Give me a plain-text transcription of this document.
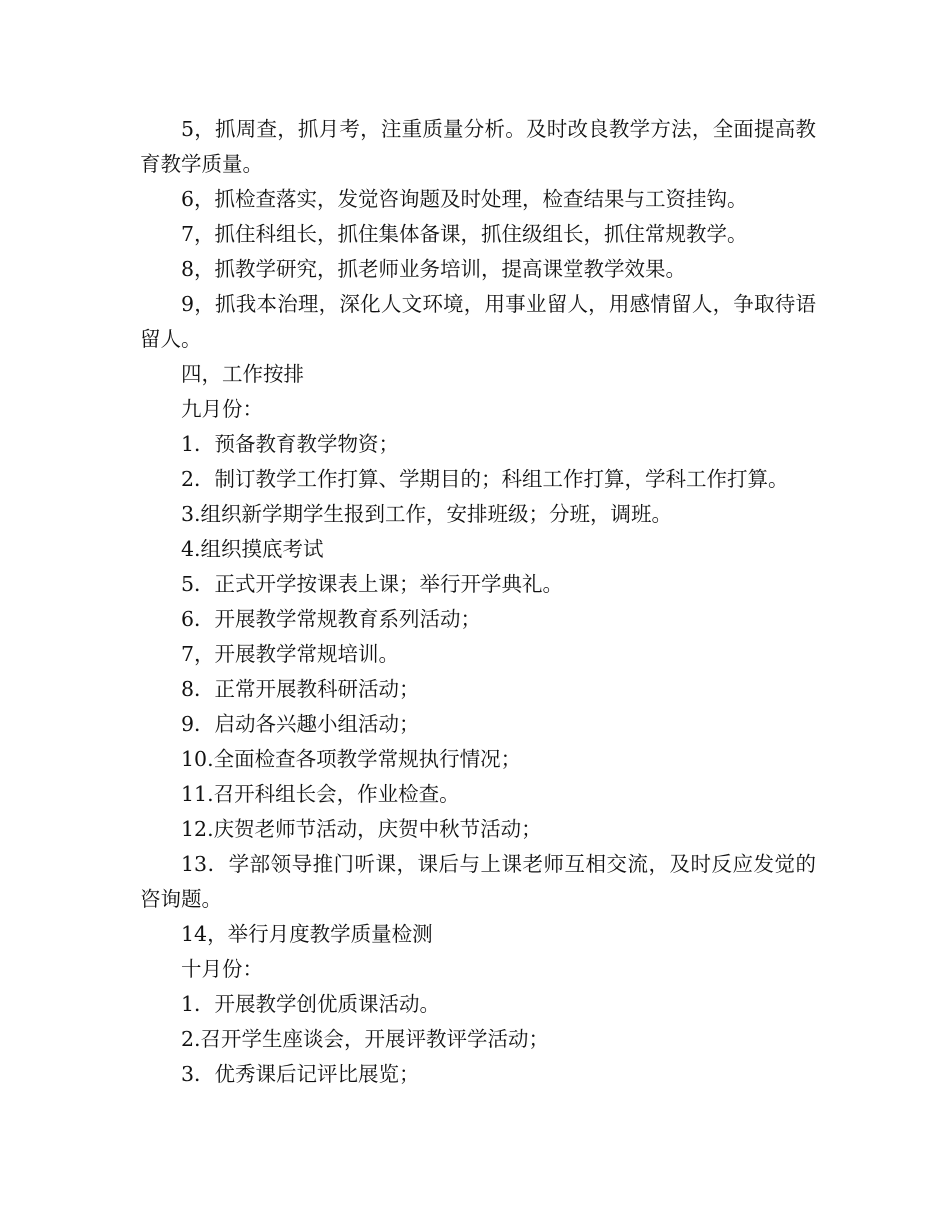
5，抓周查，抓月考，注重质量分析。及时改良教学方法，全面提高教育教学质量。

6，抓检查落实，发觉咨询题及时处理，检查结果与工资挂钩。

7，抓住科组长，抓住集体备课，抓住级组长，抓住常规教学。

8，抓教学研究，抓老师业务培训，提高课堂教学效果。

9，抓我本治理，深化人文环境，用事业留人，用感情留人，争取待语留人。

四，工作按排

九月份：

1．预备教育教学物资；

2．制订教学工作打算、学期目的；科组工作打算，学科工作打算。

3.组织新学期学生报到工作，安排班级；分班，调班。

4.组织摸底考试

5．正式开学按课表上课；举行开学典礼。

6．开展教学常规教育系列活动；

7，开展教学常规培训。

8．正常开展教科研活动；

9．启动各兴趣小组活动；

10.全面检查各项教学常规执行情况；

11.召开科组长会，作业检查。

12.庆贺老师节活动，庆贺中秋节活动；

13．学部领导推门听课，课后与上课老师互相交流，及时反应发觉的咨询题。

14，举行月度教学质量检测

十月份：

1．开展教学创优质课活动。

2.召开学生座谈会，开展评教评学活动；

3．优秀课后记评比展览；
